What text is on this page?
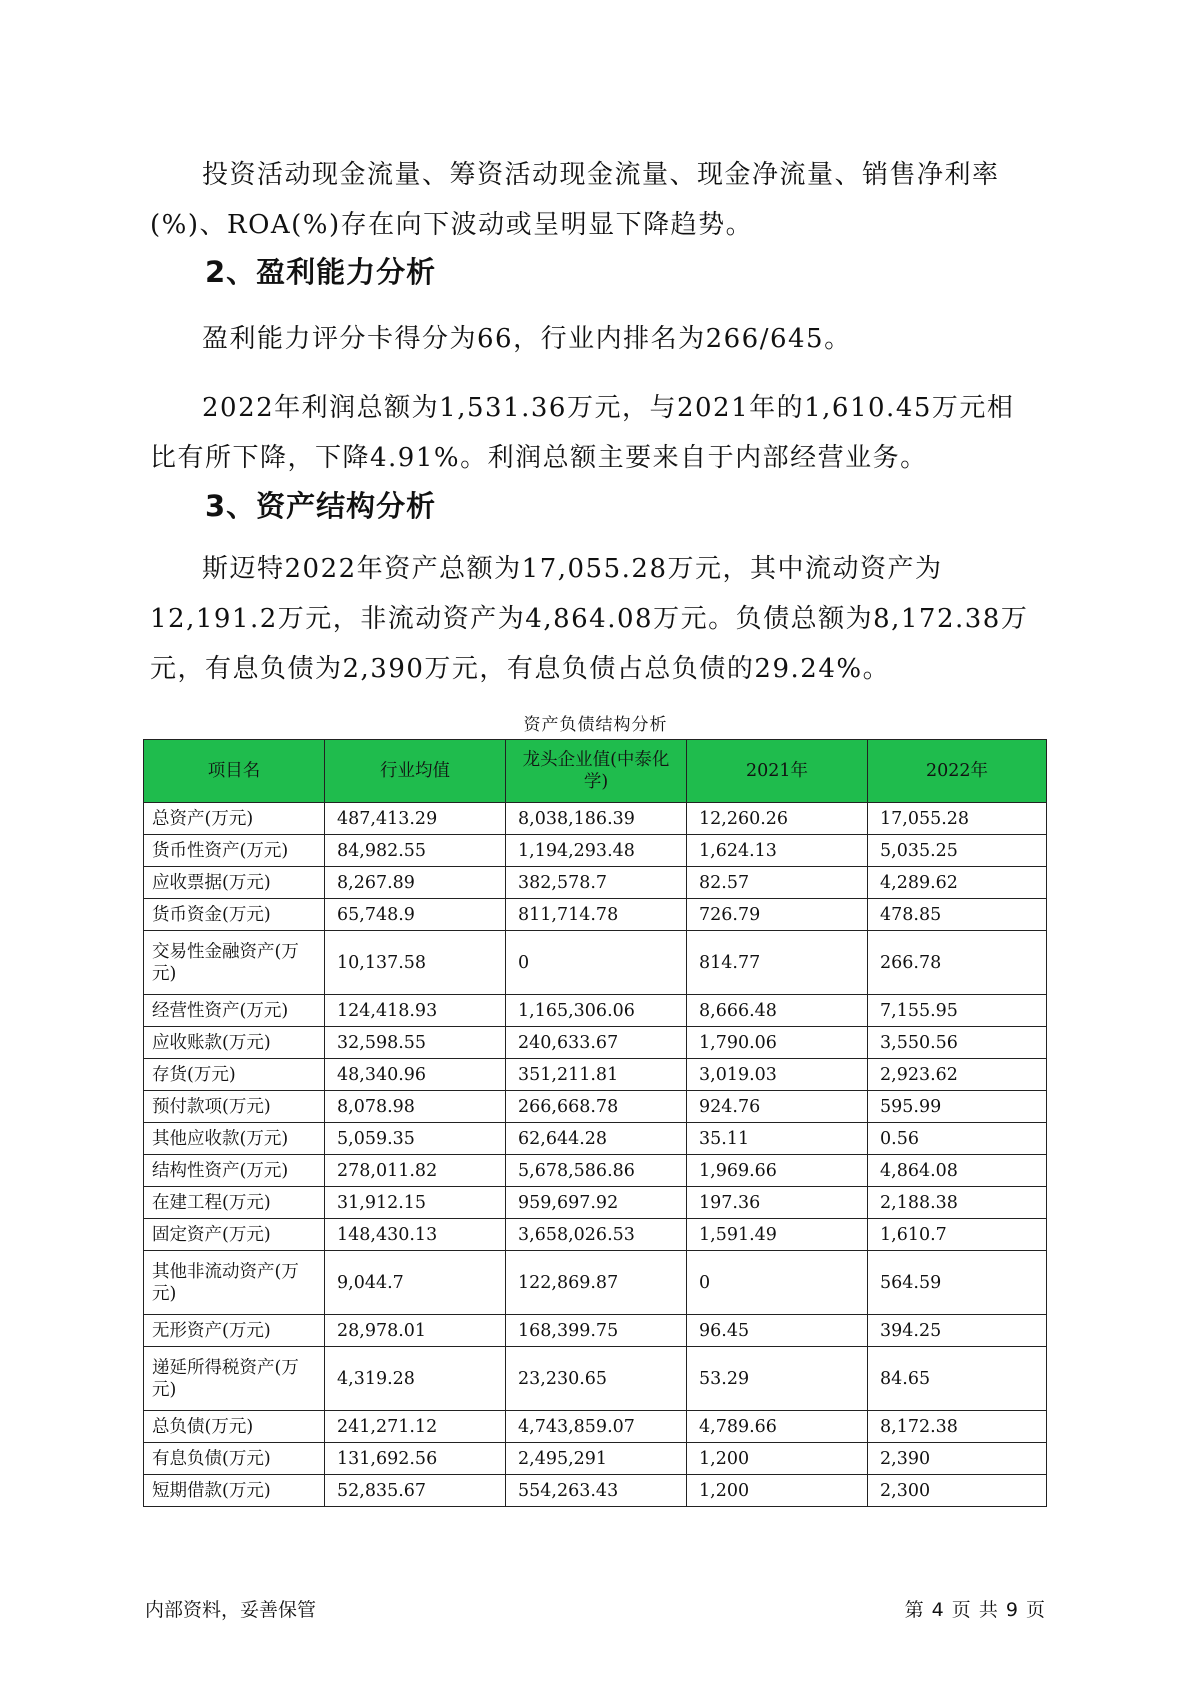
投资活动现金流量、筹资活动现金流量、现金净流量、销售净利率(%)、ROA(%)存在向下波动或呈明显下降趋势。

2、盈利能力分析

盈利能力评分卡得分为66，行业内排名为266/645。

2022年利润总额为1,531.36万元，与2021年的1,610.45万元相比有所下降，下降4.91%。利润总额主要来自于内部经营业务。

3、资产结构分析

斯迈特2022年资产总额为17,055.28万元，其中流动资产为12,191.2万元，非流动资产为4,864.08万元。负债总额为8,172.38万元，有息负债为2,390万元，有息负债占总负债的29.24%。

资产负债结构分析
项目名	行业均值	龙头企业值(中泰化学)	2021年	2022年
总资产(万元)	487,413.29	8,038,186.39	12,260.26	17,055.28
货币性资产(万元)	84,982.55	1,194,293.48	1,624.13	5,035.25
应收票据(万元)	8,267.89	382,578.7	82.57	4,289.62
货币资金(万元)	65,748.9	811,714.78	726.79	478.85
交易性金融资产(万元)	10,137.58	0	814.77	266.78
经营性资产(万元)	124,418.93	1,165,306.06	8,666.48	7,155.95
应收账款(万元)	32,598.55	240,633.67	1,790.06	3,550.56
存货(万元)	48,340.96	351,211.81	3,019.03	2,923.62
预付款项(万元)	8,078.98	266,668.78	924.76	595.99
其他应收款(万元)	5,059.35	62,644.28	35.11	0.56
结构性资产(万元)	278,011.82	5,678,586.86	1,969.66	4,864.08
在建工程(万元)	31,912.15	959,697.92	197.36	2,188.38
固定资产(万元)	148,430.13	3,658,026.53	1,591.49	1,610.7
其他非流动资产(万元)	9,044.7	122,869.87	0	564.59
无形资产(万元)	28,978.01	168,399.75	96.45	394.25
递延所得税资产(万元)	4,319.28	23,230.65	53.29	84.65
总负债(万元)	241,271.12	4,743,859.07	4,789.66	8,172.38
有息负债(万元)	131,692.56	2,495,291	1,200	2,390
短期借款(万元)	52,835.67	554,263.43	1,200	2,300
内部资料，妥善保管	第 4 页 共 9 页
